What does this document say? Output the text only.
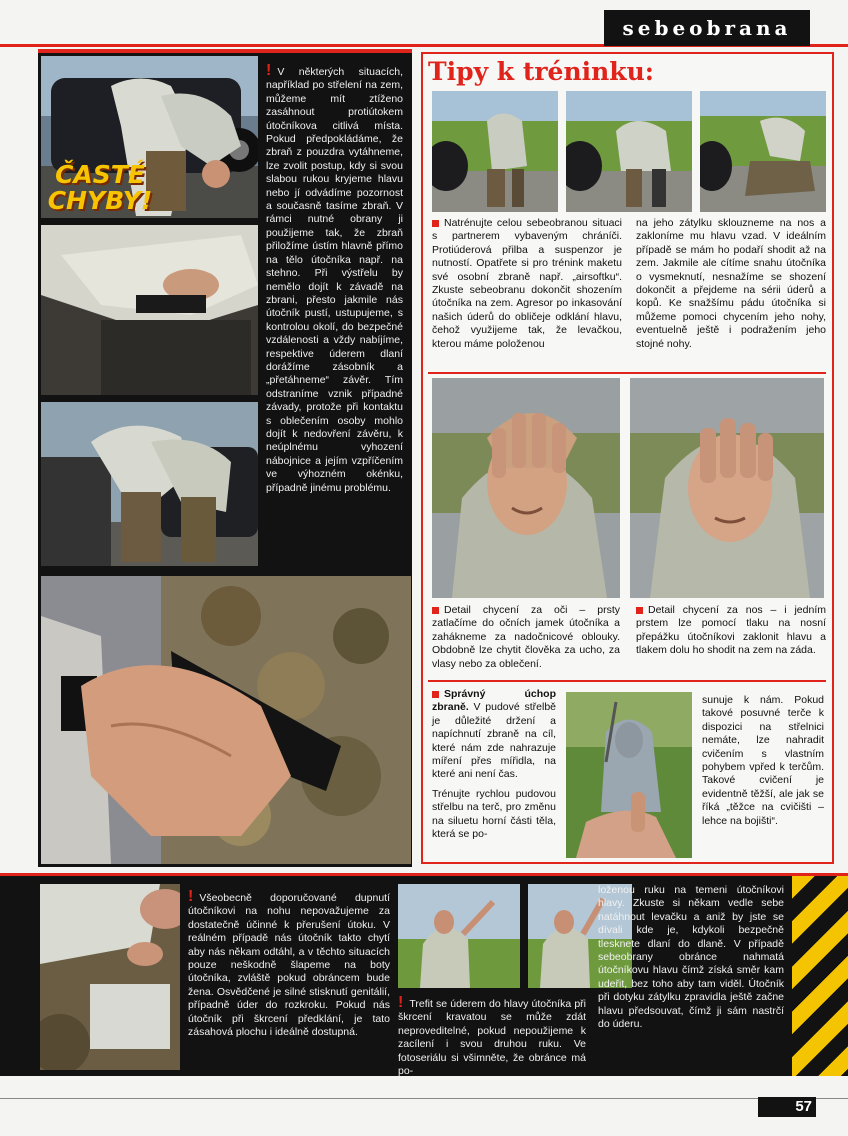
sebeobrana
ČASTÉ CHYBY!
! V některých situacích, například po střelení na zem, můžeme mít ztíženo zasáhnout protiútokem útočníkova citlivá místa. Pokud předpokládáme, že zbraň z pouzdra vytáhneme, lze zvolit postup, kdy si svou slabou rukou kryjeme hlavu nebo jí odvádíme pozornost a současně tasíme zbraň. V rámci nutné obrany ji použijeme tak, že zbraň přiložíme ústím hlavně přímo na tělo útočníka např. na stehno. Při výstřelu by nemělo dojít k závadě na zbrani, přesto jakmile nás útočník pustí, ustupujeme, s kontrolou okolí, do bezpečné vzdálenosti a vždy nabíjíme, respektive úderem dlaní dorážíme zásobník a „přetáhneme“ závěr. Tím odstraníme vznik případné závady, protože při kontaktu s oblečením osoby mohlo dojít k nedovření závěru, k neúplnému vyhození nábojnice a jejím vzpříčením ve výhozném okénku, případně jinému problému.
Tipy k tréninku:
Natrénujte celou sebeobranou situaci s partnerem vybaveným chráníči. Protiúderová přilba a suspenzor je nutností. Opatřete si pro trénink maketu své osobní zbraně např. „airsoftku“. Zkuste sebeobranu dokončit shozením útočníka na zem. Agresor po inkasování našich úderů do obličeje odklání hlavu, čehož využijeme tak, že levačkou, kterou máme položenou
na jeho zátylku sklouzneme na nos a zakloníme mu hlavu vzad. V ideálním případě se mám ho podaří shodit až na zem. Jakmile ale cítíme snahu útočníka o vysmeknutí, nesnažíme se shození dokončit a přejdeme na sérii úderů a kopů. Ke snažšímu pádu útočníka si můžeme pomoci chycením jeho nohy, eventuelně ještě i podražením jeho stojné nohy.
Detail chycení za oči – prsty zatlačíme do očních jamek útočníka a zahákneme za nadočnicové oblouky. Obdobně lze chytit člověka za ucho, za vlasy nebo za oblečení.
Detail chycení za nos – i jedním prstem lze pomocí tlaku na nosní přepážku útočníkovi zaklonit hlavu a tlakem dolu ho shodit na zem na záda.
Správný úchop zbraně. V pudové střelbě je důležité držení a napíchnutí zbraně na cíl, které nám zde nahrazuje míření přes mířidla, na které ani není čas.
Trénujte rychlou pudovou střelbu na terč, pro změnu na siluetu horní části těla, která se po-
sunuje k nám. Pokud takové posuvné terče k dispozici na střelnici nemáte, lze nahradit cvičením s vlastním pohybem vpřed k terčům. Takové cvičení je evidentně těžší, ale jak se říká „těžce na cvičišti – lehce na bojišti“.
! Všeobecně doporučované dupnutí útočníkovi na nohu nepovažujeme za dostatečně účinné k přerušení útoku. V reálném případě nás útočník takto chytí aby nás někam odtáhl, a v těchto situacích pouze neškodně šlapeme na boty útočníka, zvláště pokud obráncem bude žena. Osvědčené je silné stisknutí genitálií, případně úder do rozkroku. Pokud nás útočník při škrcení předklání, je tato zásahová plochu i ideálně dostupná.
! Trefit se úderem do hlavy útočníka při škrcení kravatou se může zdát neproveditelné, pokud nepoužijeme k zacílení i svou druhou ruku. Ve fotoseriálu si všimněte, že obránce má po-
loženou ruku na temeni útočníkovi hlavy. Zkuste si někam vedle sebe natáhnout levačku a aniž by jste se dívali kde je, kdykoli bezpečně tlesknete dlaní do dlaně. V případě sebeobrany obránce nahmatá útočníkovu hlavu čímž získá směr kam udeřit, bez toho aby tam viděl. Útočník při dotyku zátylku zpravidla ještě začne hlavu předsouvat, čímž ji sám nastrčí do úderu.
57
